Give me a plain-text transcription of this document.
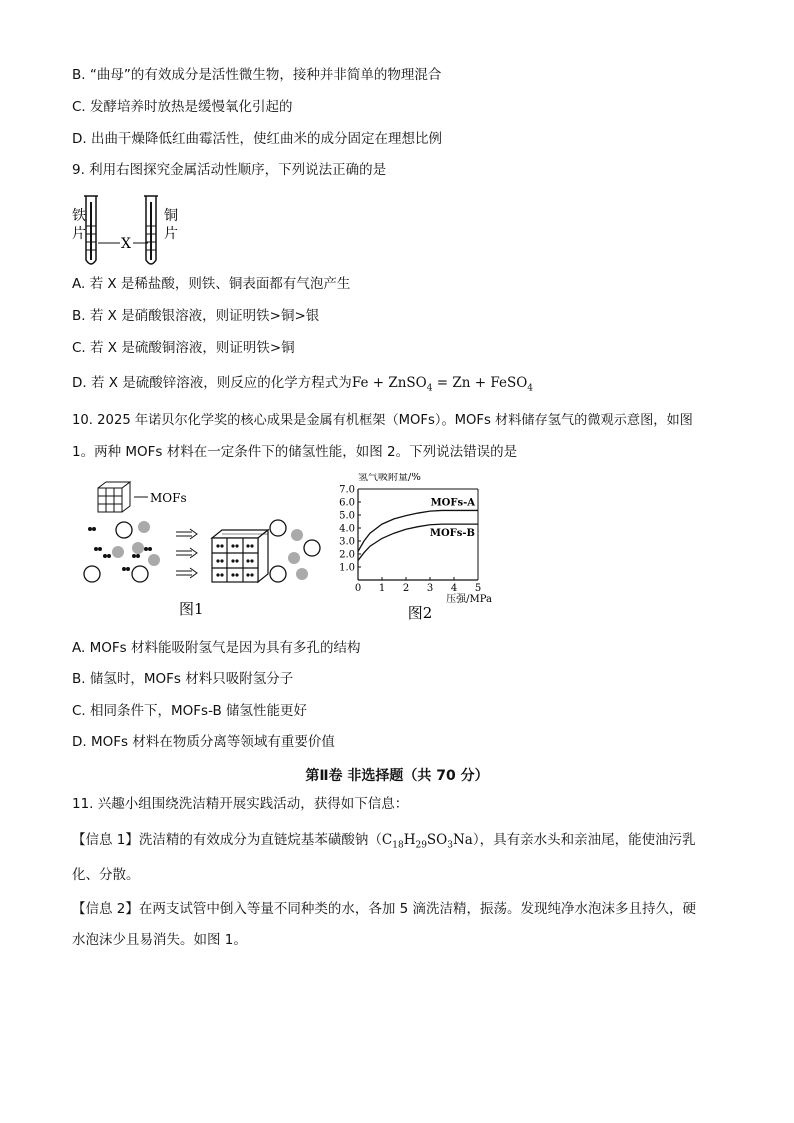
B. “曲母”的有效成分是活性微生物，接种并非简单的物理混合
C. 发酵培养时放热是缓慢氧化引起的
D. 出曲干燥降低红曲霉活性，使红曲米的成分固定在理想比例
9. 利用右图探究金属活动性顺序，下列说法正确的是
铁
片
X
铜
片
A. 若 X 是稀盐酸，则铁、铜表面都有气泡产生
B. 若 X 是硝酸银溶液，则证明铁>铜>银
C. 若 X 是硫酸铜溶液，则证明铁>铜
D. 若 X 是硫酸锌溶液，则反应的化学方程式为Fe + ZnSO$_4$ = Zn + FeSO$_4$
10. 2025 年诺贝尔化学奖的核心成果是金属有机框架（MOFs）。MOFs 材料储存氢气的微观示意图，如图
1。两种 MOFs 材料在一定条件下的储氢性能，如图 2。下列说法错误的是
MOFs
图1
1.0
2.0
3.0
4.0
5.0
6.0
7.0
0 1 2 3 4 5
氢气吸附量/%
压强/MPa
MOFs-A
MOFs-B
图2
A. MOFs 材料能吸附氢气是因为具有多孔的结构
B. 储氢时，MOFs 材料只吸附氢分子
C. 相同条件下，MOFs-B 储氢性能更好
D. MOFs 材料在物质分离等领域有重要价值
第Ⅱ卷 非选择题（共 70 分）
11. 兴趣小组围绕洗洁精开展实践活动，获得如下信息：
【信息 1】洗洁精的有效成分为直链烷基苯磺酸钠$(C_{18}H_{29}SO_3Na)$，具有亲水头和亲油尾，能使油污乳
化、分散。
【信息 2】在两支试管中倒入等量不同种类的水，各加 5 滴洗洁精，振荡。发现纯净水泡沫多且持久，硬
水泡沫少且易消失。如图 1。
